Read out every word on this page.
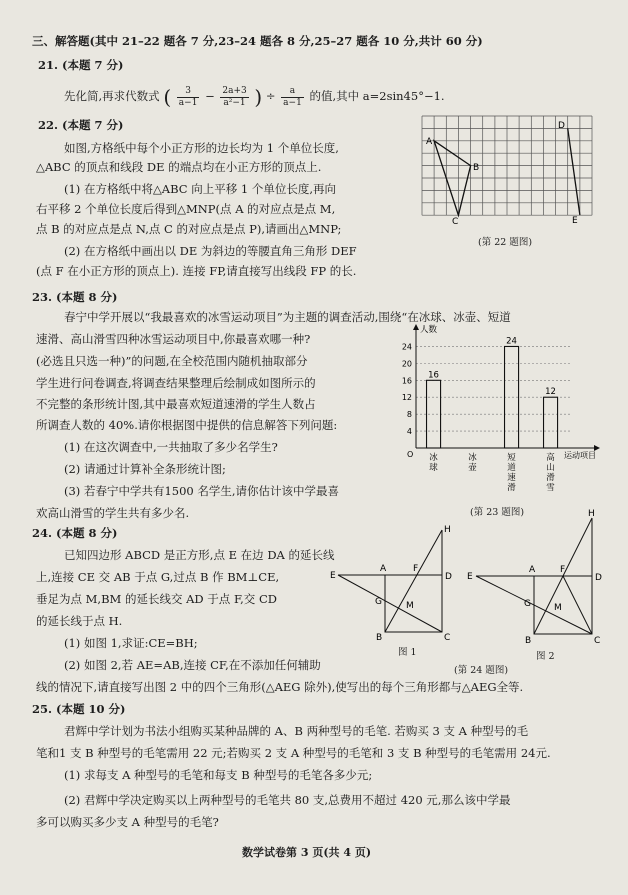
三、解答题(其中 21–22 题各 7 分,23–24 题各 8 分,25–27 题各 10 分,共计 60 分)
21. (本题 7 分)
先化简,再求代数式 ( $\frac{3}{a-1} - \frac{2a+3}{\text{a²−1}}$ ) ÷ $\frac{a}{a-1}$ 的值,其中 a=2sin45°−1.
22. (本题 7 分)
如图,方格纸中每个小正方形的边长均为 1 个单位长度,
△ABC 的顶点和线段 DE 的端点均在小正方形的顶点上.
(1) 在方格纸中将△ABC 向上平移 1 个单位长度,再向
右平移 2 个单位长度后得到△MNP(点 A 的对应点是点 M,
点 B 的对应点是点 N,点 C 的对应点是点 P),请画出△MNP;
(2) 在方格纸中画出以 DE 为斜边的等腰直角三角形 DEF
(点 F 在小正方形的顶点上). 连接 FP,请直接写出线段 FP 的长.
A
B
C
D
E
(第 22 题图)
23. (本题 8 分)
春宁中学开展以“我最喜欢的冰雪运动项目”为主题的调查活动,围绕“在冰球、冰壶、短道
速滑、高山滑雪四种冰雪运动项目中,你最喜欢哪一种?
(必选且只选一种)”的问题,在全校范围内随机抽取部分
学生进行问卷调查,将调查结果整理后绘制成如图所示的
不完整的条形统计图,其中最喜欢短道速滑的学生人数占
所调查人数的 40%.请你根据图中提供的信息解答下列问题:
(1) 在这次调查中,一共抽取了多少名学生?
(2) 请通过计算补全条形统计图;
(3) 若春宁中学共有1500 名学生,请你估计该中学最喜
欢高山滑雪的学生共有多少名.
4
8
12
16
20
24
人数
运动项目
O
16
冰
球
冰
壶
24
短
道
速
滑
12
高
山
滑
雪
(第 23 题图)
24. (本题 8 分)
已知四边形 ABCD 是正方形,点 E 在边 DA 的延长线
上,连接 CE 交 AB 于点 G,过点 B 作 BM⊥CE,
垂足为点 M,BM 的延长线交 AD 于点 F,交 CD
的延长线于点 H.
(1) 如图 1,求证:CE=BH;
(2) 如图 2,若 AE=AB,连接 CF,在不添加任何辅助
线的情况下,请直接写出图 2 中的四个三角形(△AEG 除外),使写出的每个三角形都与△AEG全等.
E
A	F
D
H
G	M
B	C
图 1
E
A	F
D
H
G	M
B	C
图 2
(第 24 题图)
25. (本题 10 分)
君辉中学计划为书法小组购买某种品牌的 A、B 两种型号的毛笔. 若购买 3 支 A 种型号的毛
笔和1 支 B 种型号的毛笔需用 22 元;若购买 2 支 A 种型号的毛笔和 3 支 B 种型号的毛笔需用 24元.
(1) 求每支 A 种型号的毛笔和每支 B 种型号的毛笔各多少元;
(2) 君辉中学决定购买以上两种型号的毛笔共 80 支,总费用不超过 420 元,那么该中学最
多可以购买多少支 A 种型号的毛笔?
数学试卷第 3 页(共 4 页)
